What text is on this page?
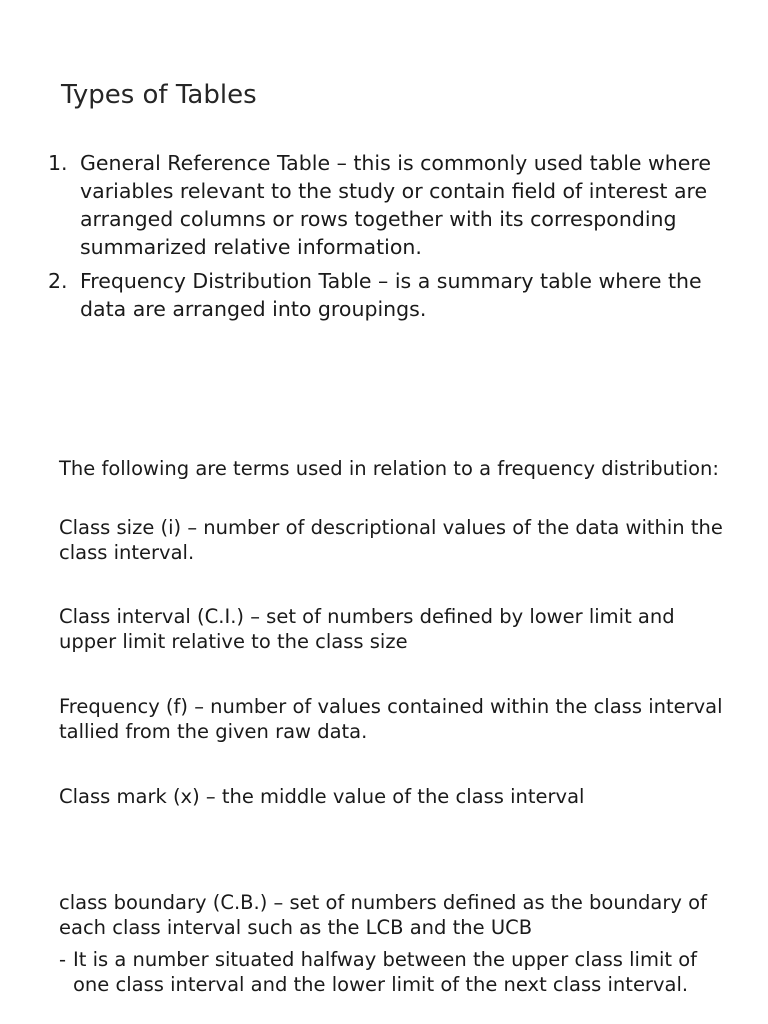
Types of Tables
1. General Reference Table – this is commonly used table where variables relevant to the study or contain field of interest are arranged columns or rows together with its corresponding summarized relative information.
2. Frequency Distribution Table – is a summary table where the data are arranged into groupings.

The following are terms used in relation to a frequency distribution:

Class size (i) – number of descriptional values of the data within the class interval.

Class interval (C.I.) – set of numbers defined by lower limit and upper limit relative to the class size

Frequency (f) – number of values contained within the class interval tallied from the given raw data.

Class mark (x) – the middle value of the class interval

class boundary (C.B.) – set of numbers defined as the boundary of each class interval such as the LCB and the UCB

- It is a number situated halfway between the upper class limit of one class interval and the lower limit of the next class interval.
